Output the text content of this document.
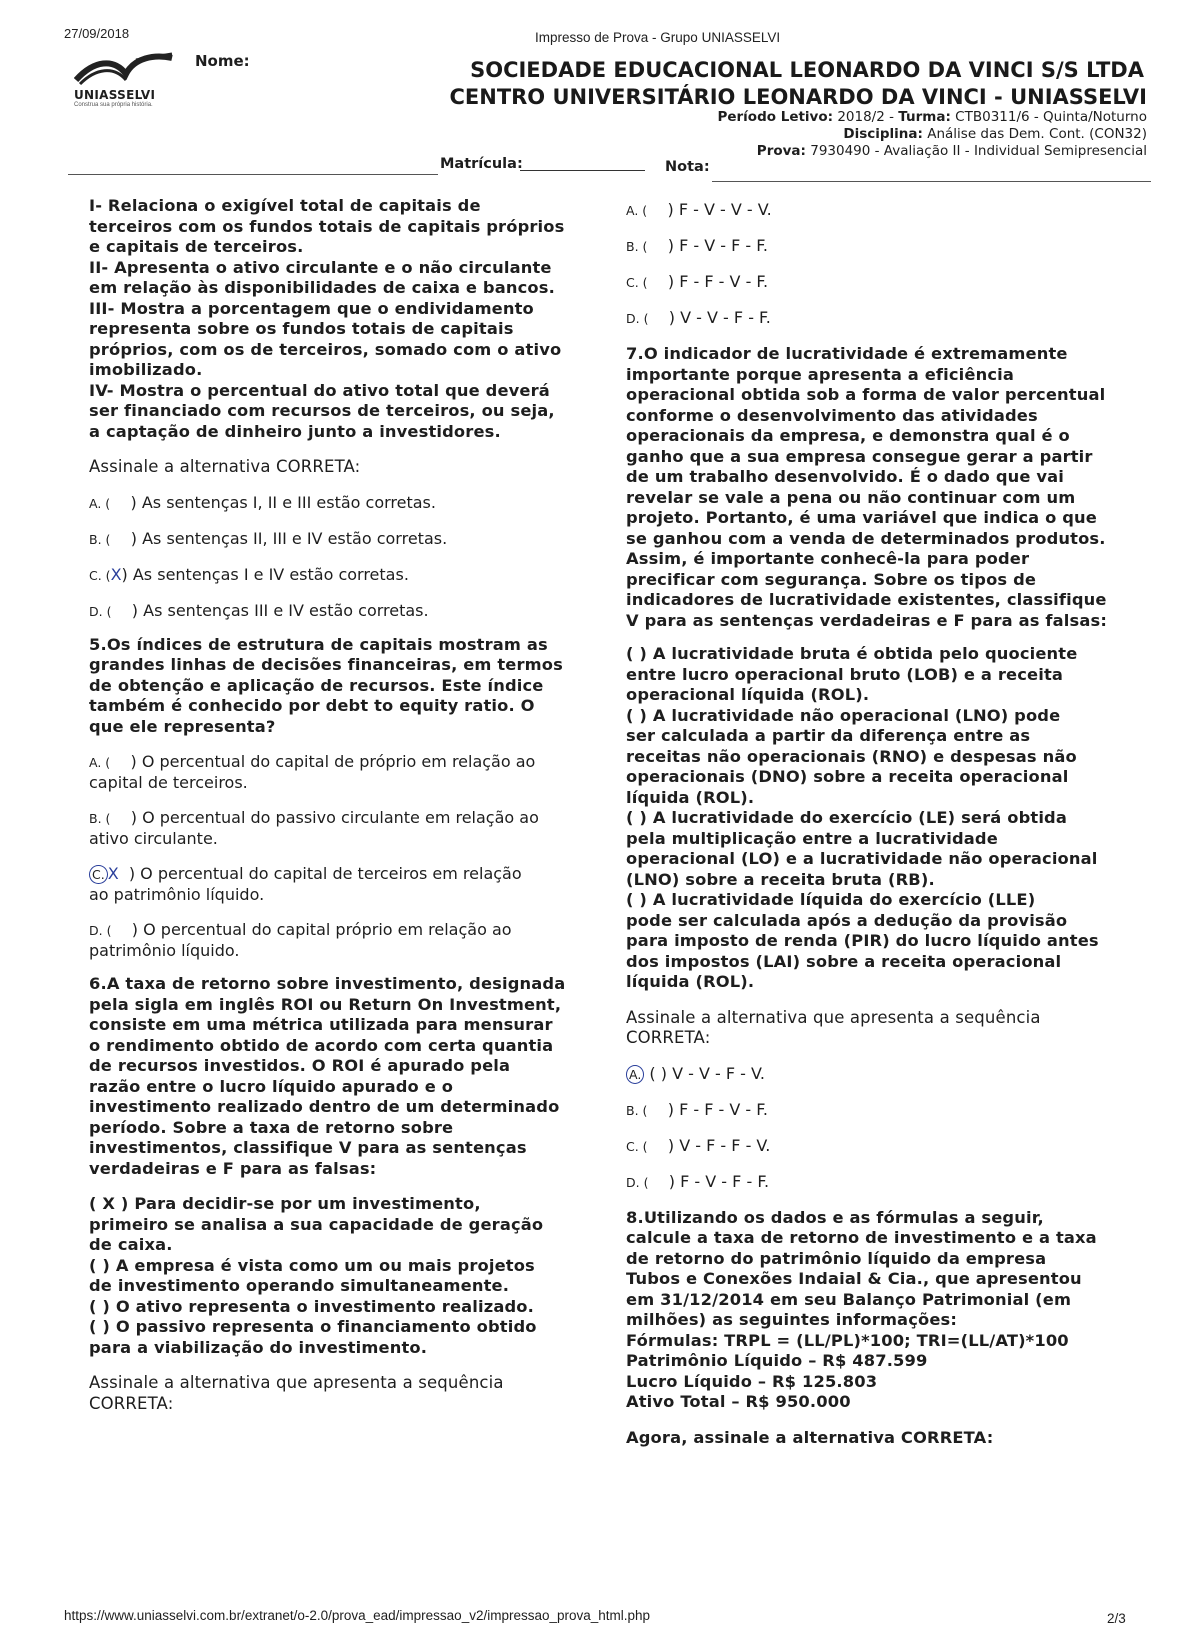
27/09/2018	Impresso de Prova - Grupo UNIASSELVI
UNIASSELVI
Construa sua própria história.
Nome:	SOCIEDADE EDUCACIONAL LEONARDO DA VINCI S/S LTDA
CENTRO UNIVERSITÁRIO LEONARDO DA VINCI - UNIASSELVI
Período Letivo: 2018/2 - Turma: CTB0311/6 - Quinta/Noturno
Disciplina: Análise das Dem. Cont. (CON32)
Prova: 7930490 - Avaliação II - Individual Semipresencial
Matrícula:	Nota:
I- Relaciona o exigível total de capitais de
terceiros com os fundos totais de capitais próprios
e capitais de terceiros.
II- Apresenta o ativo circulante e o não circulante
em relação às disponibilidades de caixa e bancos.
III- Mostra a porcentagem que o endividamento
representa sobre os fundos totais de capitais
próprios, com os de terceiros, somado com o ativo
imobilizado.
IV- Mostra o percentual do ativo total que deverá
ser financiado com recursos de terceiros, ou seja,
a captação de dinheiro junto a investidores.
Assinale a alternativa CORRETA:
A. ( ) As sentenças I, II e III estão corretas.
B. ( ) As sentenças II, III e IV estão corretas.
C. (X) As sentenças I e IV estão corretas.
D. ( ) As sentenças III e IV estão corretas.
5.Os índices de estrutura de capitais mostram as
grandes linhas de decisões financeiras, em termos
de obtenção e aplicação de recursos. Este índice
também é conhecido por debt to equity ratio. O
que ele representa?
A. ( ) O percentual do capital de próprio em relação ao
capital de terceiros.
B. ( ) O percentual do passivo circulante em relação ao
ativo circulante.
C. X ) O percentual do capital de terceiros em relação
ao patrimônio líquido.
D. ( ) O percentual do capital próprio em relação ao
patrimônio líquido.
6.A taxa de retorno sobre investimento, designada
pela sigla em inglês ROI ou Return On Investment,
consiste em uma métrica utilizada para mensurar
o rendimento obtido de acordo com certa quantia
de recursos investidos. O ROI é apurado pela
razão entre o lucro líquido apurado e o
investimento realizado dentro de um determinado
período. Sobre a taxa de retorno sobre
investimentos, classifique V para as sentenças
verdadeiras e F para as falsas:
( X ) Para decidir-se por um investimento,
primeiro se analisa a sua capacidade de geração
de caixa.
( ) A empresa é vista como um ou mais projetos
de investimento operando simultaneamente.
( ) O ativo representa o investimento realizado.
( ) O passivo representa o financiamento obtido
para a viabilização do investimento.
Assinale a alternativa que apresenta a sequência
CORRETA:
A. ( ) F - V - V - V.
B. ( ) F - V - F - F.
C. ( ) F - F - V - F.
D. ( ) V - V - F - F.
7.O indicador de lucratividade é extremamente
importante porque apresenta a eficiência
operacional obtida sob a forma de valor percentual
conforme o desenvolvimento das atividades
operacionais da empresa, e demonstra qual é o
ganho que a sua empresa consegue gerar a partir
de um trabalho desenvolvido. É o dado que vai
revelar se vale a pena ou não continuar com um
projeto. Portanto, é uma variável que indica o que
se ganhou com a venda de determinados produtos.
Assim, é importante conhecê-la para poder
precificar com segurança. Sobre os tipos de
indicadores de lucratividade existentes, classifique
V para as sentenças verdadeiras e F para as falsas:
( ) A lucratividade bruta é obtida pelo quociente
entre lucro operacional bruto (LOB) e a receita
operacional líquida (ROL).
( ) A lucratividade não operacional (LNO) pode
ser calculada a partir da diferença entre as
receitas não operacionais (RNO) e despesas não
operacionais (DNO) sobre a receita operacional
líquida (ROL).
( ) A lucratividade do exercício (LE) será obtida
pela multiplicação entre a lucratividade
operacional (LO) e a lucratividade não operacional
(LNO) sobre a receita bruta (RB).
( ) A lucratividade líquida do exercício (LLE)
pode ser calculada após a dedução da provisão
para imposto de renda (PIR) do lucro líquido antes
dos impostos (LAI) sobre a receita operacional
líquida (ROL).
Assinale a alternativa que apresenta a sequência
CORRETA:
A. ( ) V - V - F - V.
B. ( ) F - F - V - F.
C. ( ) V - F - F - V.
D. ( ) F - V - F - F.
8.Utilizando os dados e as fórmulas a seguir,
calcule a taxa de retorno de investimento e a taxa
de retorno do patrimônio líquido da empresa
Tubos e Conexões Indaial & Cia., que apresentou
em 31/12/2014 em seu Balanço Patrimonial (em
milhões) as seguintes informações:
Fórmulas: TRPL = (LL/PL)*100; TRI=(LL/AT)*100
Patrimônio Líquido – R$ 487.599
Lucro Líquido – R$ 125.803
Ativo Total – R$ 950.000
Agora, assinale a alternativa CORRETA:
https://www.uniasselvi.com.br/extranet/o-2.0/prova_ead/impressao_v2/impressao_prova_html.php	2/3
